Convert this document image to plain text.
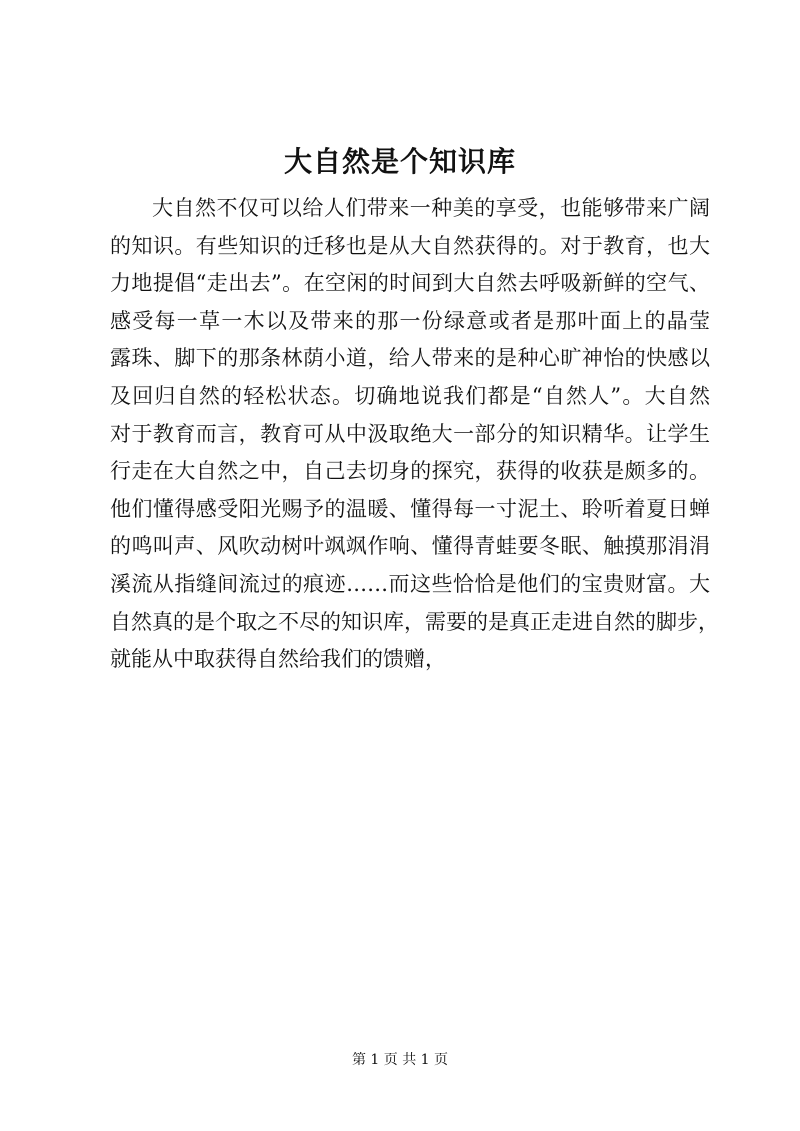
大自然是个知识库
大自然不仅可以给人们带来一种美的享受，也能够带来广阔
的知识。有些知识的迁移也是从大自然获得的。对于教育，也大
力地提倡“走出去”。在空闲的时间到大自然去呼吸新鲜的空气、
感受每一草一木以及带来的那一份绿意或者是那叶面上的晶莹
露珠、脚下的那条林荫小道，给人带来的是种心旷神怡的快感以
及回归自然的轻松状态。切确地说我们都是“自然人”。大自然
对于教育而言，教育可从中汲取绝大一部分的知识精华。让学生
行走在大自然之中，自己去切身的探究，获得的收获是颇多的。
他们懂得感受阳光赐予的温暖、懂得每一寸泥土、聆听着夏日蝉
的鸣叫声、风吹动树叶飒飒作响、懂得青蛙要冬眠、触摸那涓涓
溪流从指缝间流过的痕迹……而这些恰恰是他们的宝贵财富。大
自然真的是个取之不尽的知识库，需要的是真正走进自然的脚步，
就能从中取获得自然给我们的馈赠，
第 1 页 共 1 页
